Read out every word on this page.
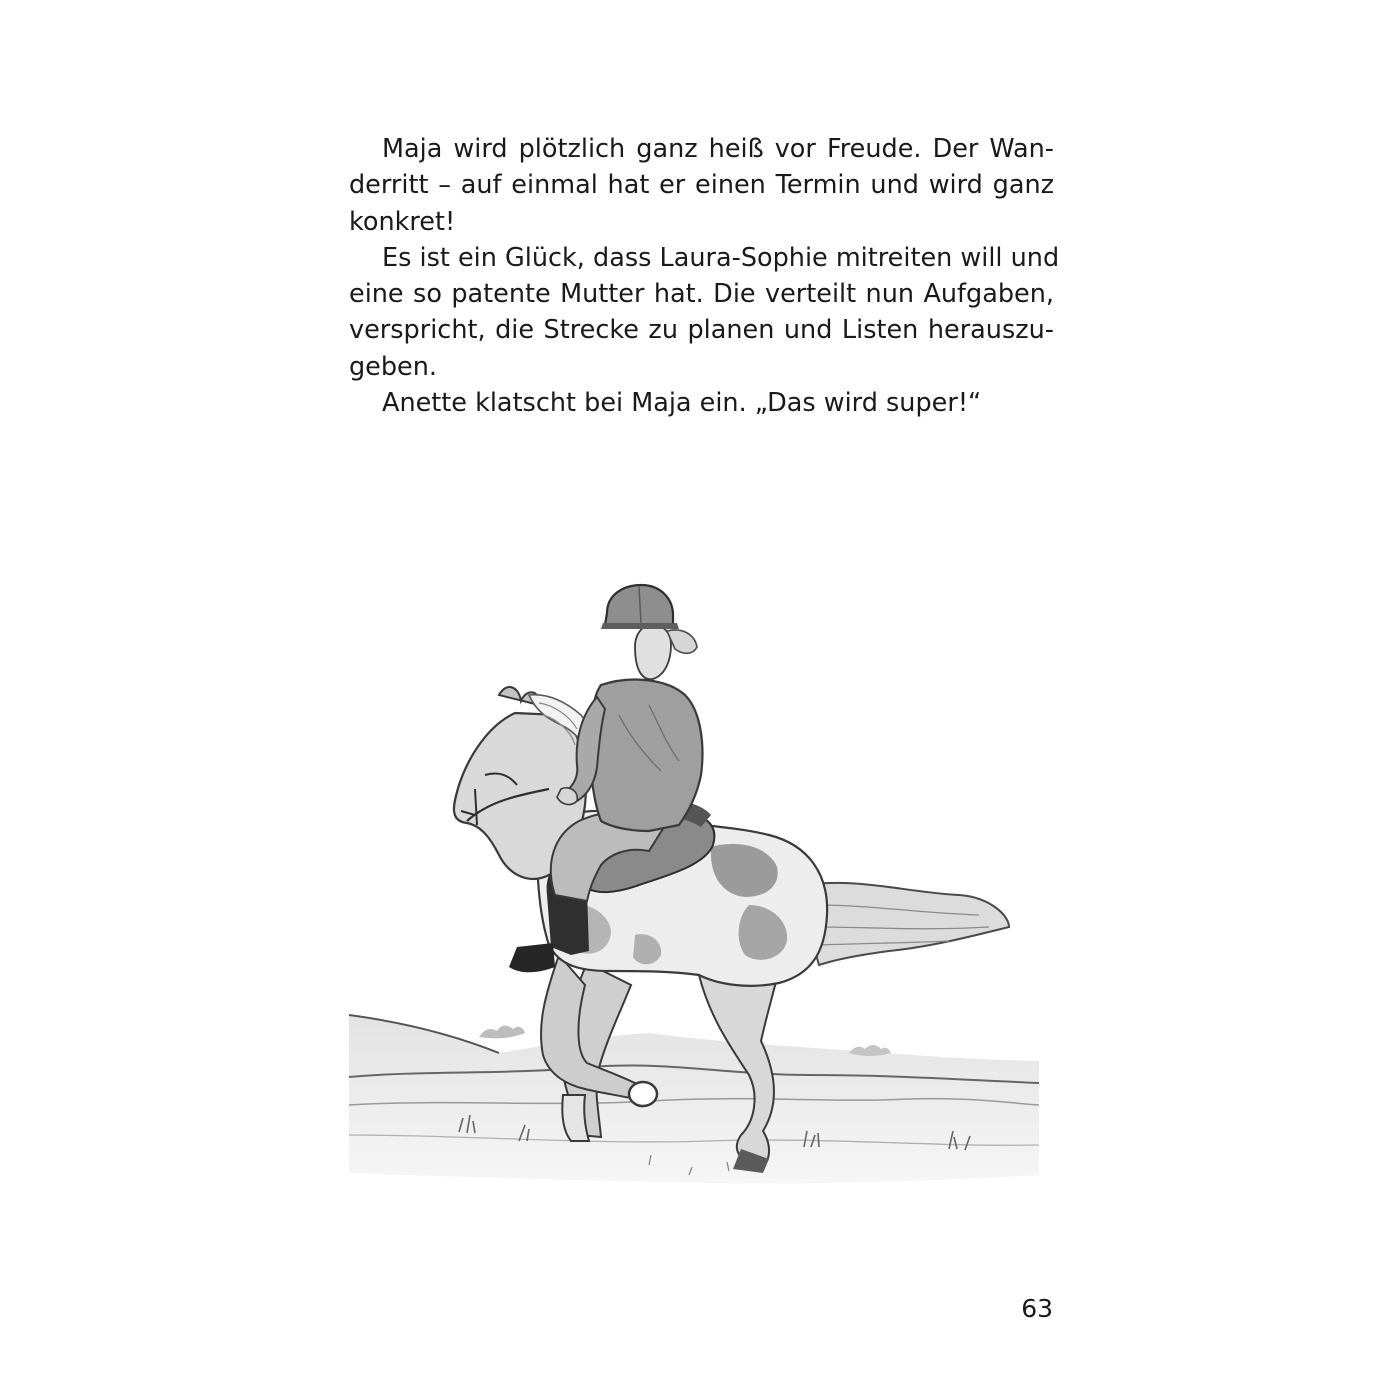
Maja wird plötzlich ganz heiß vor Freude. Der Wan-
derritt – auf einmal hat er einen Termin und wird ganz
konkret!
Es ist ein Glück, dass Laura-Sophie mitreiten will und
eine so patente Mutter hat. Die verteilt nun Aufgaben,
verspricht, die Strecke zu planen und Listen herauszu-
geben.
Anette klatscht bei Maja ein. „Das wird super!“
63
